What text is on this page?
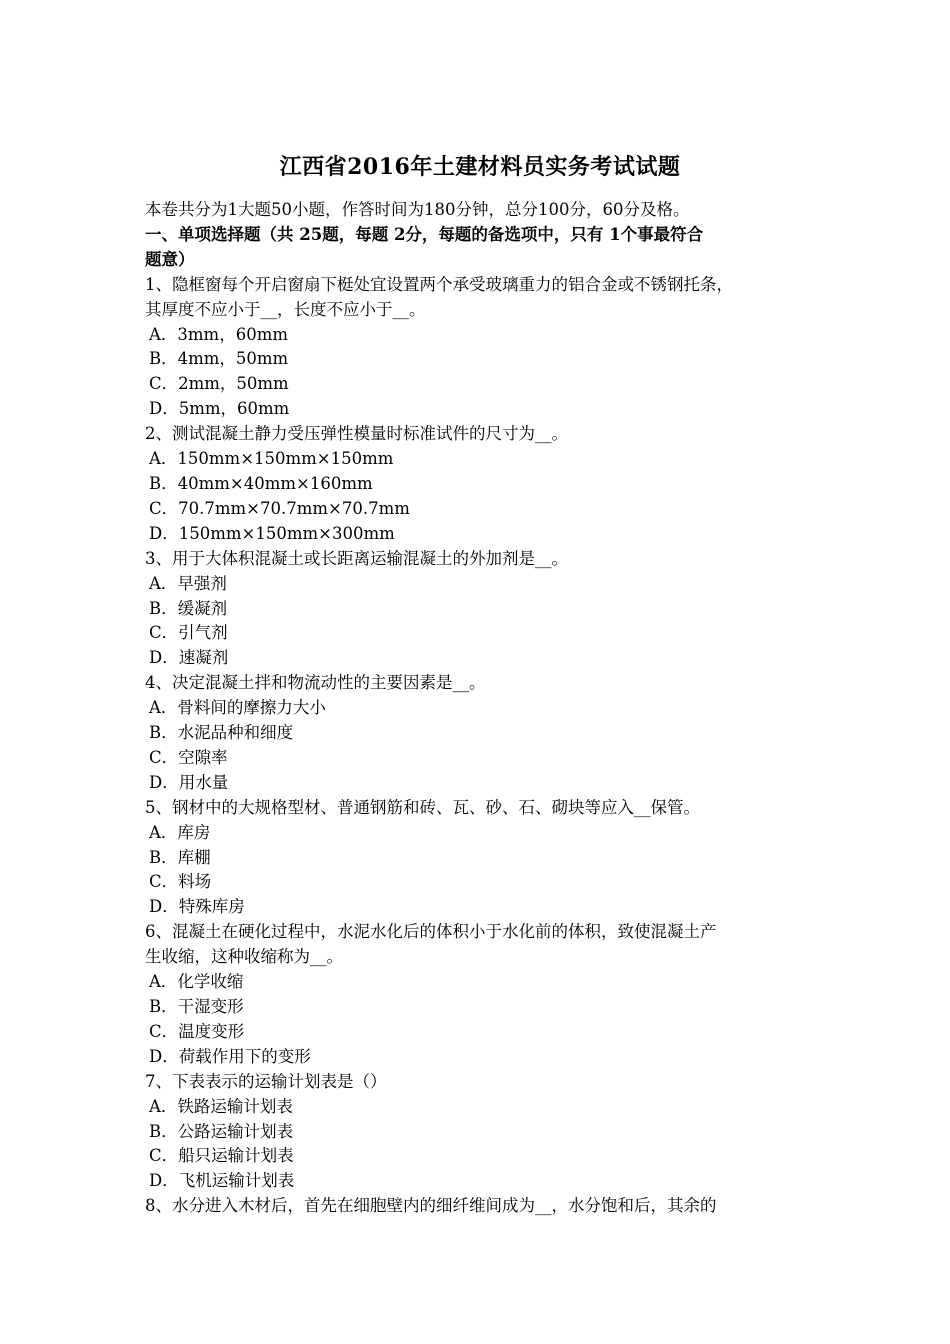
江西省2016年土建材料员实务考试试题
本卷共分为1大题50小题，作答时间为180分钟，总分100分，60分及格。
一、单项选择题（共 25题，每题 2分，每题的备选项中，只有 1个事最符合
题意）
1、隐框窗每个开启窗扇下梃处宜设置两个承受玻璃重力的铝合金或不锈钢托条，
其厚度不应小于__，长度不应小于__。
A．3mm，60mm
B．4mm，50mm
C．2mm，50mm
D．5mm，60mm
2、测试混凝土静力受压弹性模量时标准试件的尺寸为__。
A．150mm×150mm×150mm
B．40mm×40mm×160mm
C．70.7mm×70.7mm×70.7mm
D．150mm×150mm×300mm
3、用于大体积混凝土或长距离运输混凝土的外加剂是__。
A．早强剂
B．缓凝剂
C．引气剂
D．速凝剂
4、决定混凝土拌和物流动性的主要因素是__。
A．骨料间的摩擦力大小
B．水泥品种和细度
C．空隙率
D．用水量
5、钢材中的大规格型材、普通钢筋和砖、瓦、砂、石、砌块等应入__保管。
A．库房
B．库棚
C．料场
D．特殊库房
6、混凝土在硬化过程中，水泥水化后的体积小于水化前的体积，致使混凝土产
生收缩，这种收缩称为__。
A．化学收缩
B．干湿变形
C．温度变形
D．荷载作用下的变形
7、下表表示的运输计划表是（）
A．铁路运输计划表
B．公路运输计划表
C．船只运输计划表
D．飞机运输计划表
8、水分进入木材后，首先在细胞壁内的细纤维间成为__，水分饱和后，其余的
